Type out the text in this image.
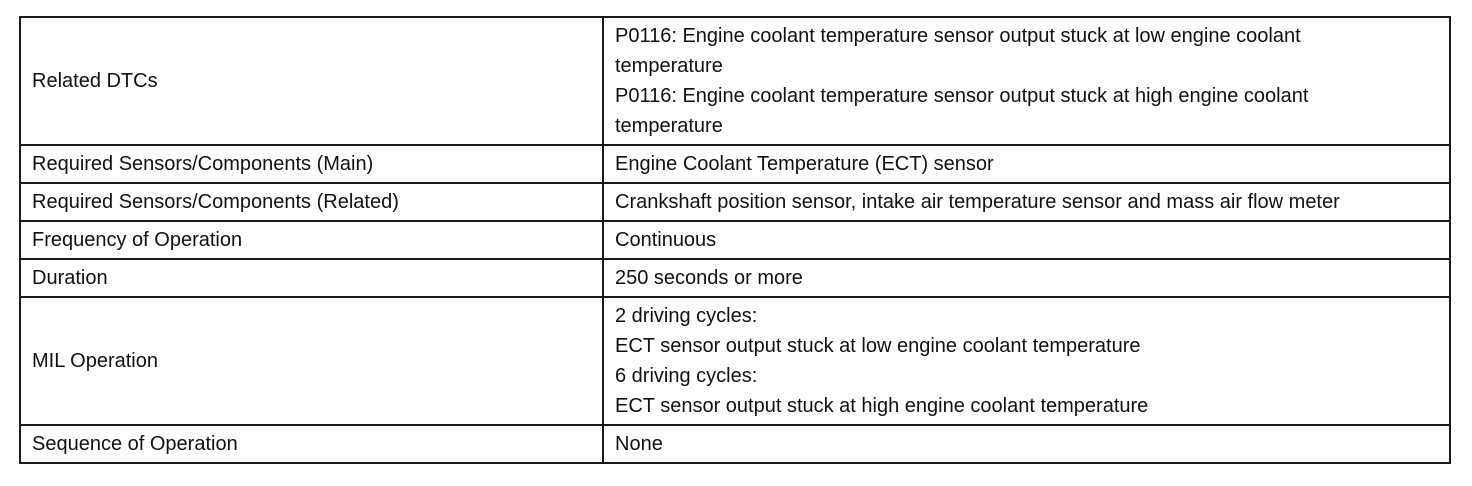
Related DTCs	P0116: Engine coolant temperature sensor output stuck at low engine coolant
temperature
P0116: Engine coolant temperature sensor output stuck at high engine coolant
temperature

Required Sensors/Components (Main)	Engine Coolant Temperature (ECT) sensor

Required Sensors/Components (Related)	Crankshaft position sensor, intake air temperature sensor and mass air flow meter

Frequency of Operation	Continuous

Duration	250 seconds or more

MIL Operation	2 driving cycles:
ECT sensor output stuck at low engine coolant temperature
6 driving cycles:
ECT sensor output stuck at high engine coolant temperature

Sequence of Operation	None
